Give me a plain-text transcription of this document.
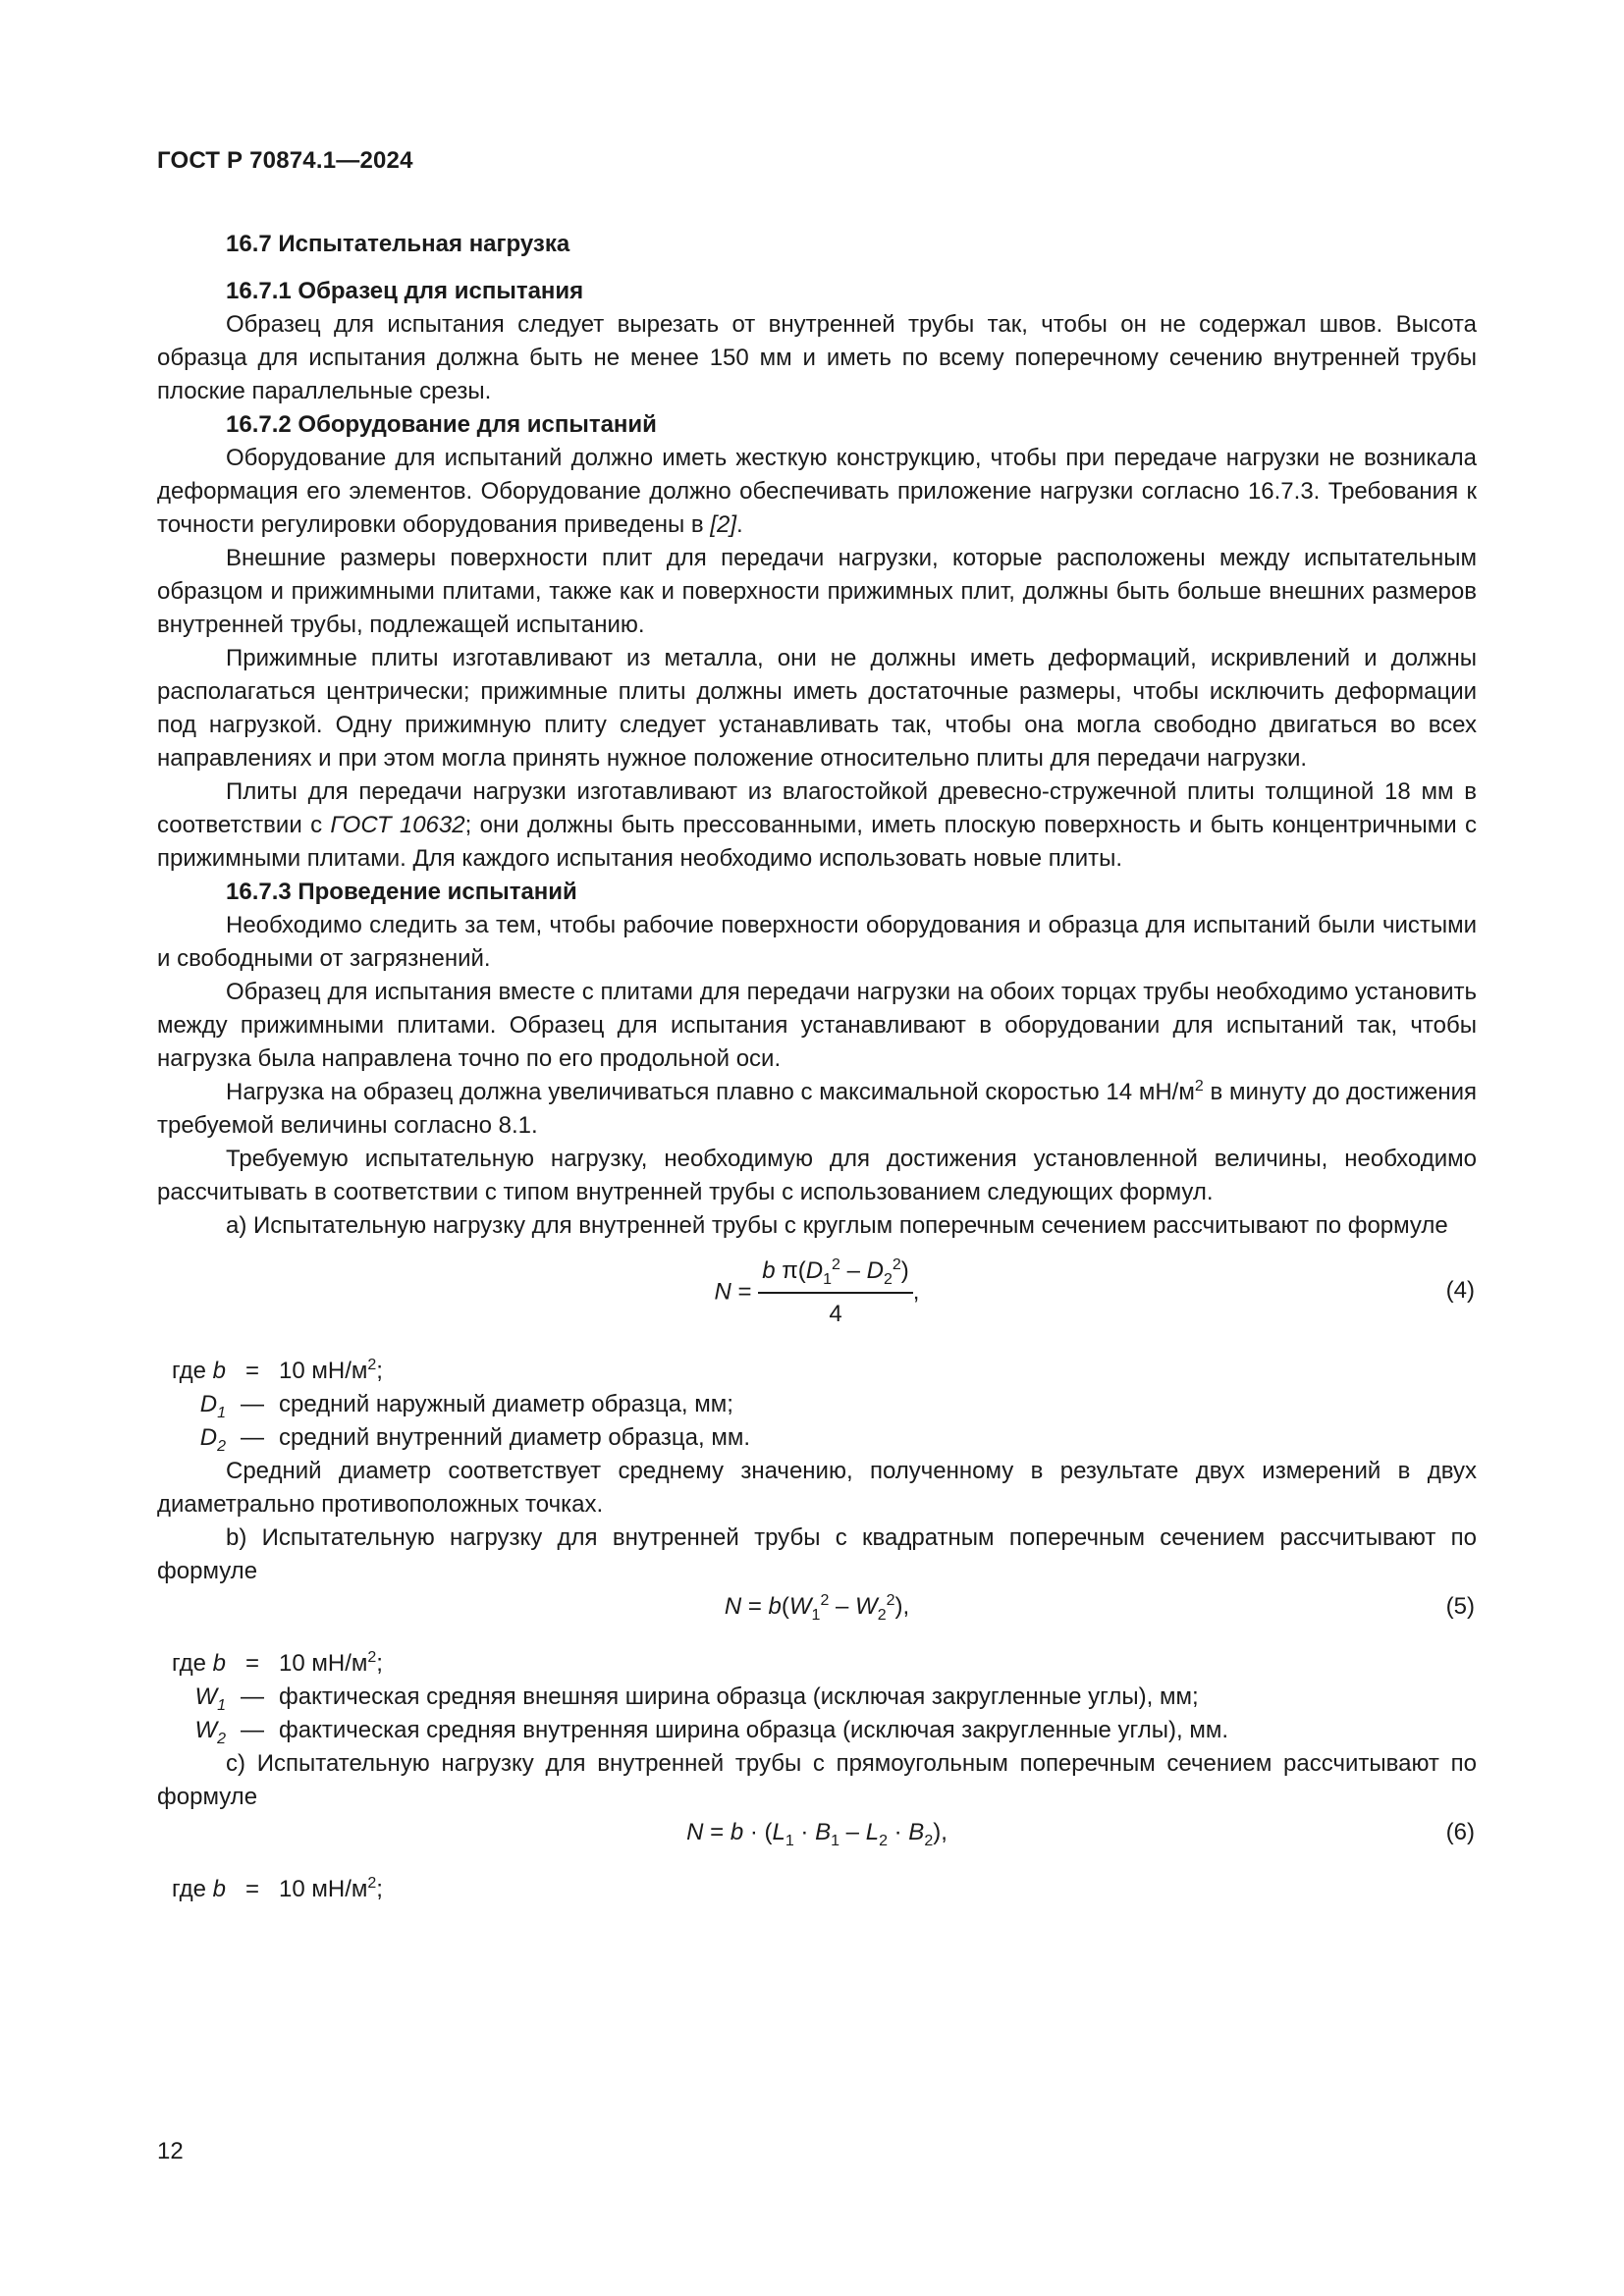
ГОСТ Р 70874.1—2024
16.7 Испытательная нагрузка
16.7.1 Образец для испытания

Образец для испытания следует вырезать от внутренней трубы так, чтобы он не содержал швов. Высота образца для испытания должна быть не менее 150 мм и иметь по всему поперечному сечению внутренней трубы плоские параллельные срезы.

16.7.2 Оборудование для испытаний

Оборудование для испытаний должно иметь жесткую конструкцию, чтобы при передаче нагрузки не возникала деформация его элементов. Оборудование должно обеспечивать приложение нагрузки согласно 16.7.3. Требования к точности регулировки оборудования приведены в [2].

Внешние размеры поверхности плит для передачи нагрузки, которые расположены между испытательным образцом и прижимными плитами, также как и поверхности прижимных плит, должны быть больше внешних размеров внутренней трубы, подлежащей испытанию.

Прижимные плиты изготавливают из металла, они не должны иметь деформаций, искривлений и должны располагаться центрически; прижимные плиты должны иметь достаточные размеры, чтобы исключить деформации под нагрузкой. Одну прижимную плиту следует устанавливать так, чтобы она могла свободно двигаться во всех направлениях и при этом могла принять нужное положение относительно плиты для передачи нагрузки.

Плиты для передачи нагрузки изготавливают из влагостойкой древесно-стружечной плиты толщиной 18 мм в соответствии с ГОСТ 10632; они должны быть прессованными, иметь плоскую поверхность и быть концентричными с прижимными плитами. Для каждого испытания необходимо использовать новые плиты.

16.7.3 Проведение испытаний

Необходимо следить за тем, чтобы рабочие поверхности оборудования и образца для испытаний были чистыми и свободными от загрязнений.

Образец для испытания вместе с плитами для передачи нагрузки на обоих торцах трубы необходимо установить между прижимными плитами. Образец для испытания устанавливают в оборудовании для испытаний так, чтобы нагрузка была направлена точно по его продольной оси.

Нагрузка на образец должна увеличиваться плавно с максимальной скоростью 14 $мН/м^2$ в минуту до достижения требуемой величины согласно 8.1.

Требуемую испытательную нагрузку, необходимую для достижения установленной величины, необходимо рассчитывать в соответствии с типом внутренней трубы с использованием следующих формул.

a) Испытательную нагрузку для внутренней трубы с круглым поперечным сечением рассчитывают по формуле

$N = \frac{b \pi(D_1^2 - D_2^2)}{4}$ ,	(4)
где b = 10 $мН/м^2$;
$D_1$ — средний наружный диаметр образца, мм;
$D_2$ — средний внутренний диаметр образца, мм.

Средний диаметр соответствует среднему значению, полученному в результате двух измерений в двух диаметрально противоположных точках.

b) Испытательную нагрузку для внутренней трубы с квадратным поперечным сечением рассчитывают по формуле

$N = b(W_1^2 - W_2^2)$,	(5)
где b = 10 $мН/м^2$;
$W_1$ — фактическая средняя внешняя ширина образца (исключая закругленные углы), мм;
$W_2$ — фактическая средняя внутренняя ширина образца (исключая закругленные углы), мм.

c) Испытательную нагрузку для внутренней трубы с прямоугольным поперечным сечением рассчитывают по формуле

$N = b \cdot (L_1 \cdot B_1 - L_2 \cdot B_2)$,	(6)
где b = 10 $мН/м^2$;
12
